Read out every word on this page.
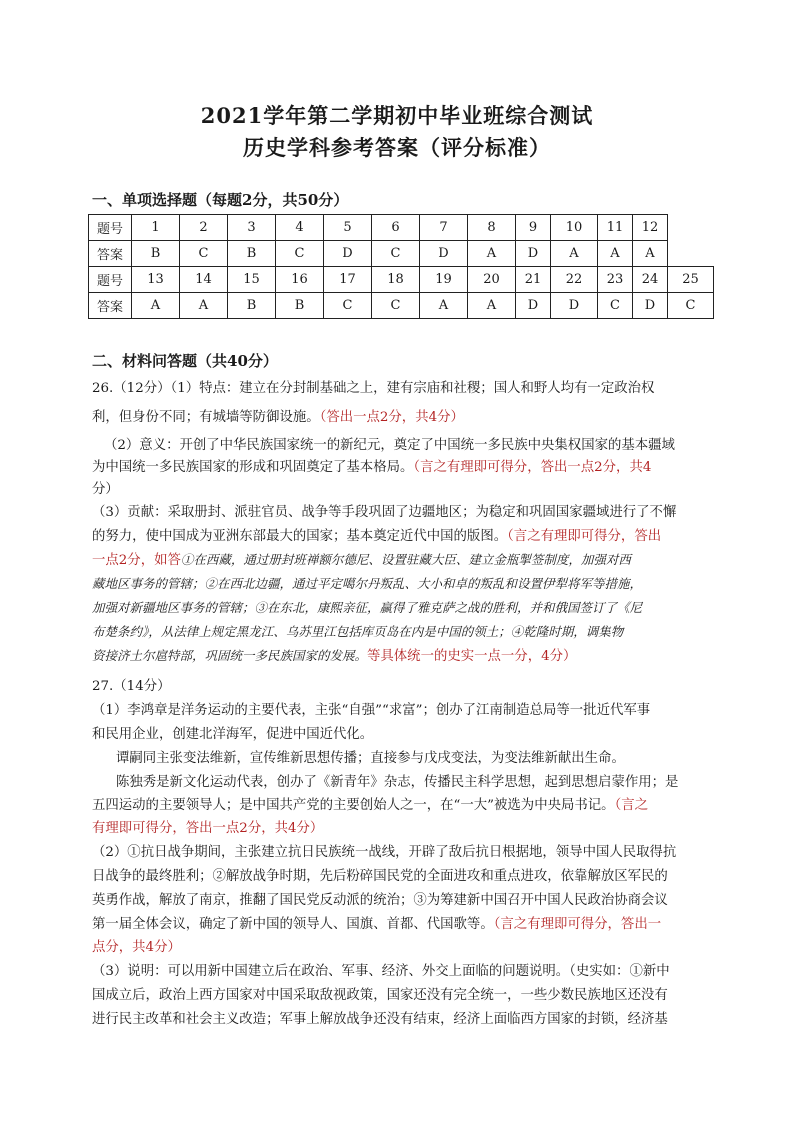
2021学年第二学期初中毕业班综合测试
历史学科参考答案（评分标准）
一、单项选择题（每题2分，共50分）
题号	1	2	3	4	5	6	7	8	9	10	11	12	
答案	B	C	B	C	D	C	D	A	D	A	A	A	
题号	13	14	15	16	17	18	19	20	21	22	23	24	25
答案	A	A	B	B	C	C	A	A	D	D	C	D	C
二、材料问答题（共40分）
26.（12分）（1）特点：建立在分封制基础之上，建有宗庙和社稷；国人和野人均有一定政治权
利，但身份不同；有城墙等防御设施。（答出一点2分，共4分）
（2）意义：开创了中华民族国家统一的新纪元，奠定了中国统一多民族中央集权国家的基本疆域
为中国统一多民族国家的形成和巩固奠定了基本格局。（言之有理即可得分，答出一点2分，共4
分）
（3）贡献：采取册封、派驻官员、战争等手段巩固了边疆地区；为稳定和巩固国家疆域进行了不懈
的努力，使中国成为亚洲东部最大的国家；基本奠定近代中国的版图。（言之有理即可得分，答出
一点2分，如答①在西藏，通过册封班禅额尔德尼、设置驻藏大臣、建立金瓶掣签制度，加强对西
藏地区事务的管辖；②在西北边疆，通过平定噶尔丹叛乱、大小和卓的叛乱和设置伊犁将军等措施，
加强对新疆地区事务的管辖；③在东北，康熙亲征，赢得了雅克萨之战的胜利，并和俄国签订了《尼
布楚条约》，从法律上规定黑龙江、乌苏里江包括库页岛在内是中国的领土；④乾隆时期，调集物
资接济土尔扈特部，巩固统一多民族国家的发展。等具体统一的史实一点一分，4分）
27.（14分）
（1）李鸿章是洋务运动的主要代表，主张“自强”“求富”；创办了江南制造总局等一批近代军事
和民用企业，创建北洋海军，促进中国近代化。
谭嗣同主张变法维新，宣传维新思想传播；直接参与戊戌变法，为变法维新献出生命。
陈独秀是新文化运动代表，创办了《新青年》杂志，传播民主科学思想，起到思想启蒙作用；是
五四运动的主要领导人；是中国共产党的主要创始人之一，在“一大”被选为中央局书记。（言之
有理即可得分，答出一点2分，共4分）
（2）①抗日战争期间，主张建立抗日民族统一战线，开辟了敌后抗日根据地，领导中国人民取得抗
日战争的最终胜利；②解放战争时期，先后粉碎国民党的全面进攻和重点进攻，依靠解放区军民的
英勇作战，解放了南京，推翻了国民党反动派的统治；③为筹建新中国召开中国人民政治协商会议
第一届全体会议，确定了新中国的领导人、国旗、首都、代国歌等。（言之有理即可得分，答出一
点分，共4分）
（3）说明：可以用新中国建立后在政治、军事、经济、外交上面临的问题说明。（史实如：①新中
国成立后，政治上西方国家对中国采取敌视政策，国家还没有完全统一，一些少数民族地区还没有
进行民主改革和社会主义改造；军事上解放战争还没有结束，经济上面临西方国家的封锁，经济基
